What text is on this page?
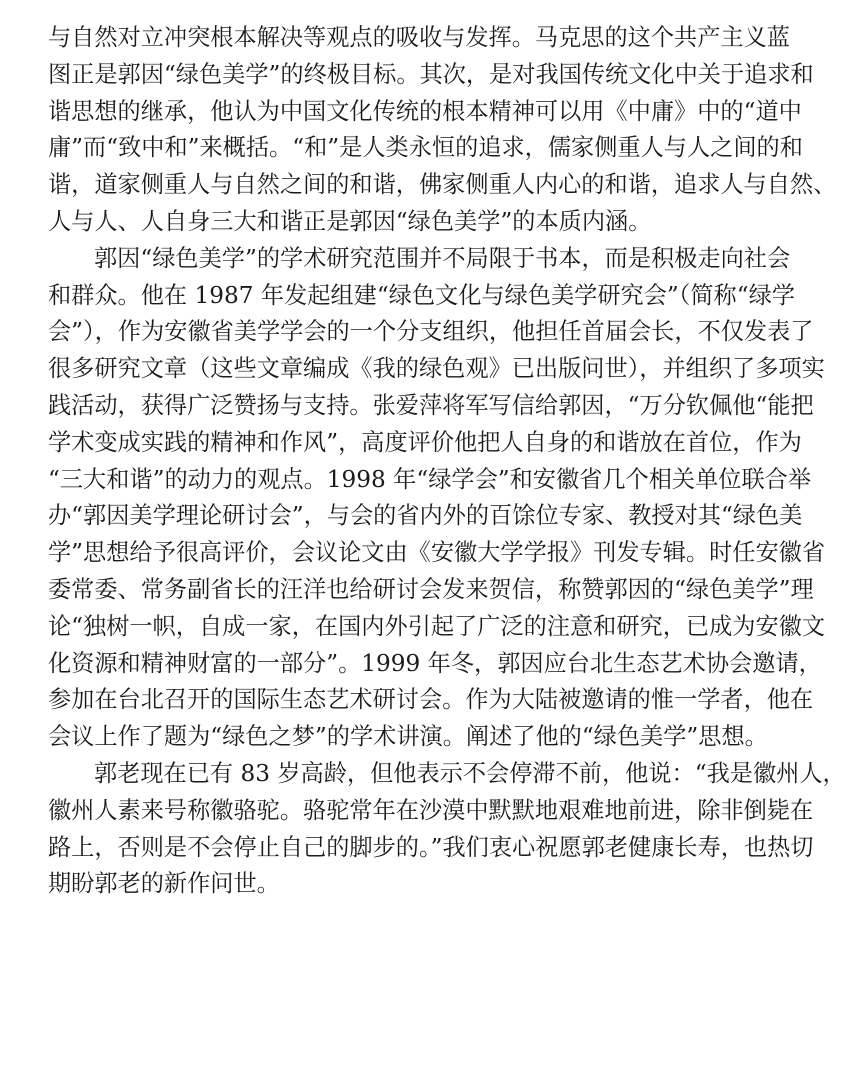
与自然对立冲突根本解决等观点的吸收与发挥。马克思的这个共产主义蓝
图正是郭因“绿色美学”的终极目标。其次，是对我国传统文化中关于追求和
谐思想的继承，他认为中国文化传统的根本精神可以用《中庸》中的“道中
庸”而“致中和”来概括。“和”是人类永恒的追求，儒家侧重人与人之间的和
谐，道家侧重人与自然之间的和谐，佛家侧重人内心的和谐，追求人与自然、
人与人、人自身三大和谐正是郭因“绿色美学”的本质内涵。
郭因“绿色美学”的学术研究范围并不局限于书本，而是积极走向社会
和群众。他在 1987 年发起组建“绿色文化与绿色美学研究会”（简称“绿学
会”），作为安徽省美学学会的一个分支组织，他担任首届会长，不仅发表了
很多研究文章（这些文章编成《我的绿色观》已出版问世），并组织了多项实
践活动，获得广泛赞扬与支持。张爱萍将军写信给郭因，“万分钦佩他“能把
学术变成实践的精神和作风”，高度评价他把人自身的和谐放在首位，作为
“三大和谐”的动力的观点。1998 年“绿学会”和安徽省几个相关单位联合举
办“郭因美学理论研讨会”，与会的省内外的百馀位专家、教授对其“绿色美
学”思想给予很高评价，会议论文由《安徽大学学报》刊发专辑。时任安徽省
委常委、常务副省长的汪洋也给研讨会发来贺信，称赞郭因的“绿色美学”理
论“独树一帜，自成一家，在国内外引起了广泛的注意和研究，已成为安徽文
化资源和精神财富的一部分”。1999 年冬，郭因应台北生态艺术协会邀请，
参加在台北召开的国际生态艺术研讨会。作为大陆被邀请的惟一学者，他在
会议上作了题为“绿色之梦”的学术讲演。阐述了他的“绿色美学”思想。
郭老现在已有 83 岁高龄，但他表示不会停滞不前，他说：“我是徽州人，
徽州人素来号称徽骆驼。骆驼常年在沙漠中默默地艰难地前进，除非倒毙在
路上，否则是不会停止自己的脚步的。”我们衷心祝愿郭老健康长寿，也热切
期盼郭老的新作问世。
